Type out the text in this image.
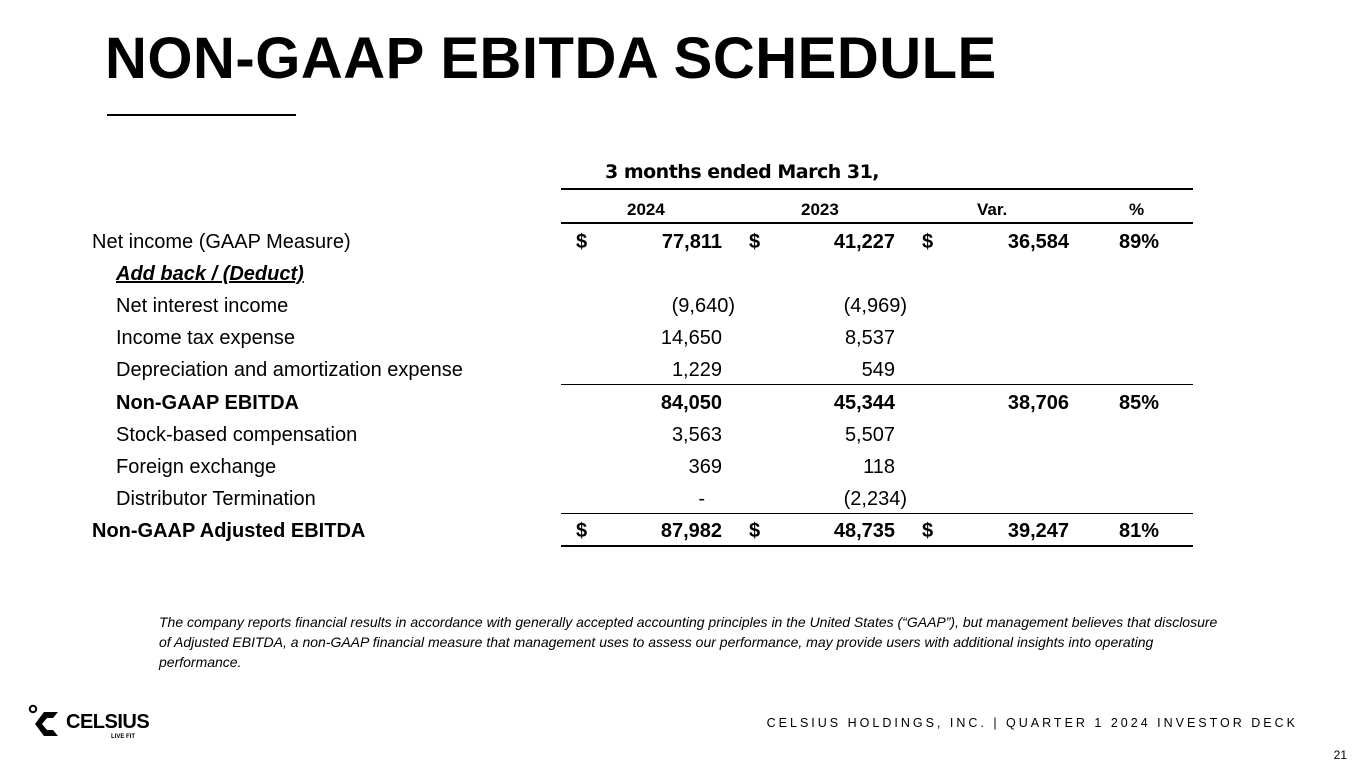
NON-GAAP EBITDA SCHEDULE
3 months ended March 31,
2024	2023	Var.	%
Net income (GAAP Measure)	$	77,811 $	41,227 $	36,584 89%
Add back / (Deduct)
Net interest income	(9,640)	(4,969)
Income tax expense	14,650	8,537
Depreciation and amortization expense	1,229	549
Non-GAAP EBITDA	84,050	45,344	38,706 85%
Stock-based compensation	3,563	5,507
Foreign exchange	369	118
Distributor Termination	-	(2,234)
Non-GAAP Adjusted EBITDA	$	87,982 $	48,735 $	39,247 81%
The company reports financial results in accordance with generally accepted accounting principles in the United States (“GAAP”), but management believes that disclosure of Adjusted EBITDA, a non-GAAP financial measure that management uses to assess our performance, may provide users with additional insights into operating performance.
CELSIUS
LIVE FIT
CELSIUS HOLDINGS, INC. | QUARTER 1 2024 INVESTOR DECK
21
